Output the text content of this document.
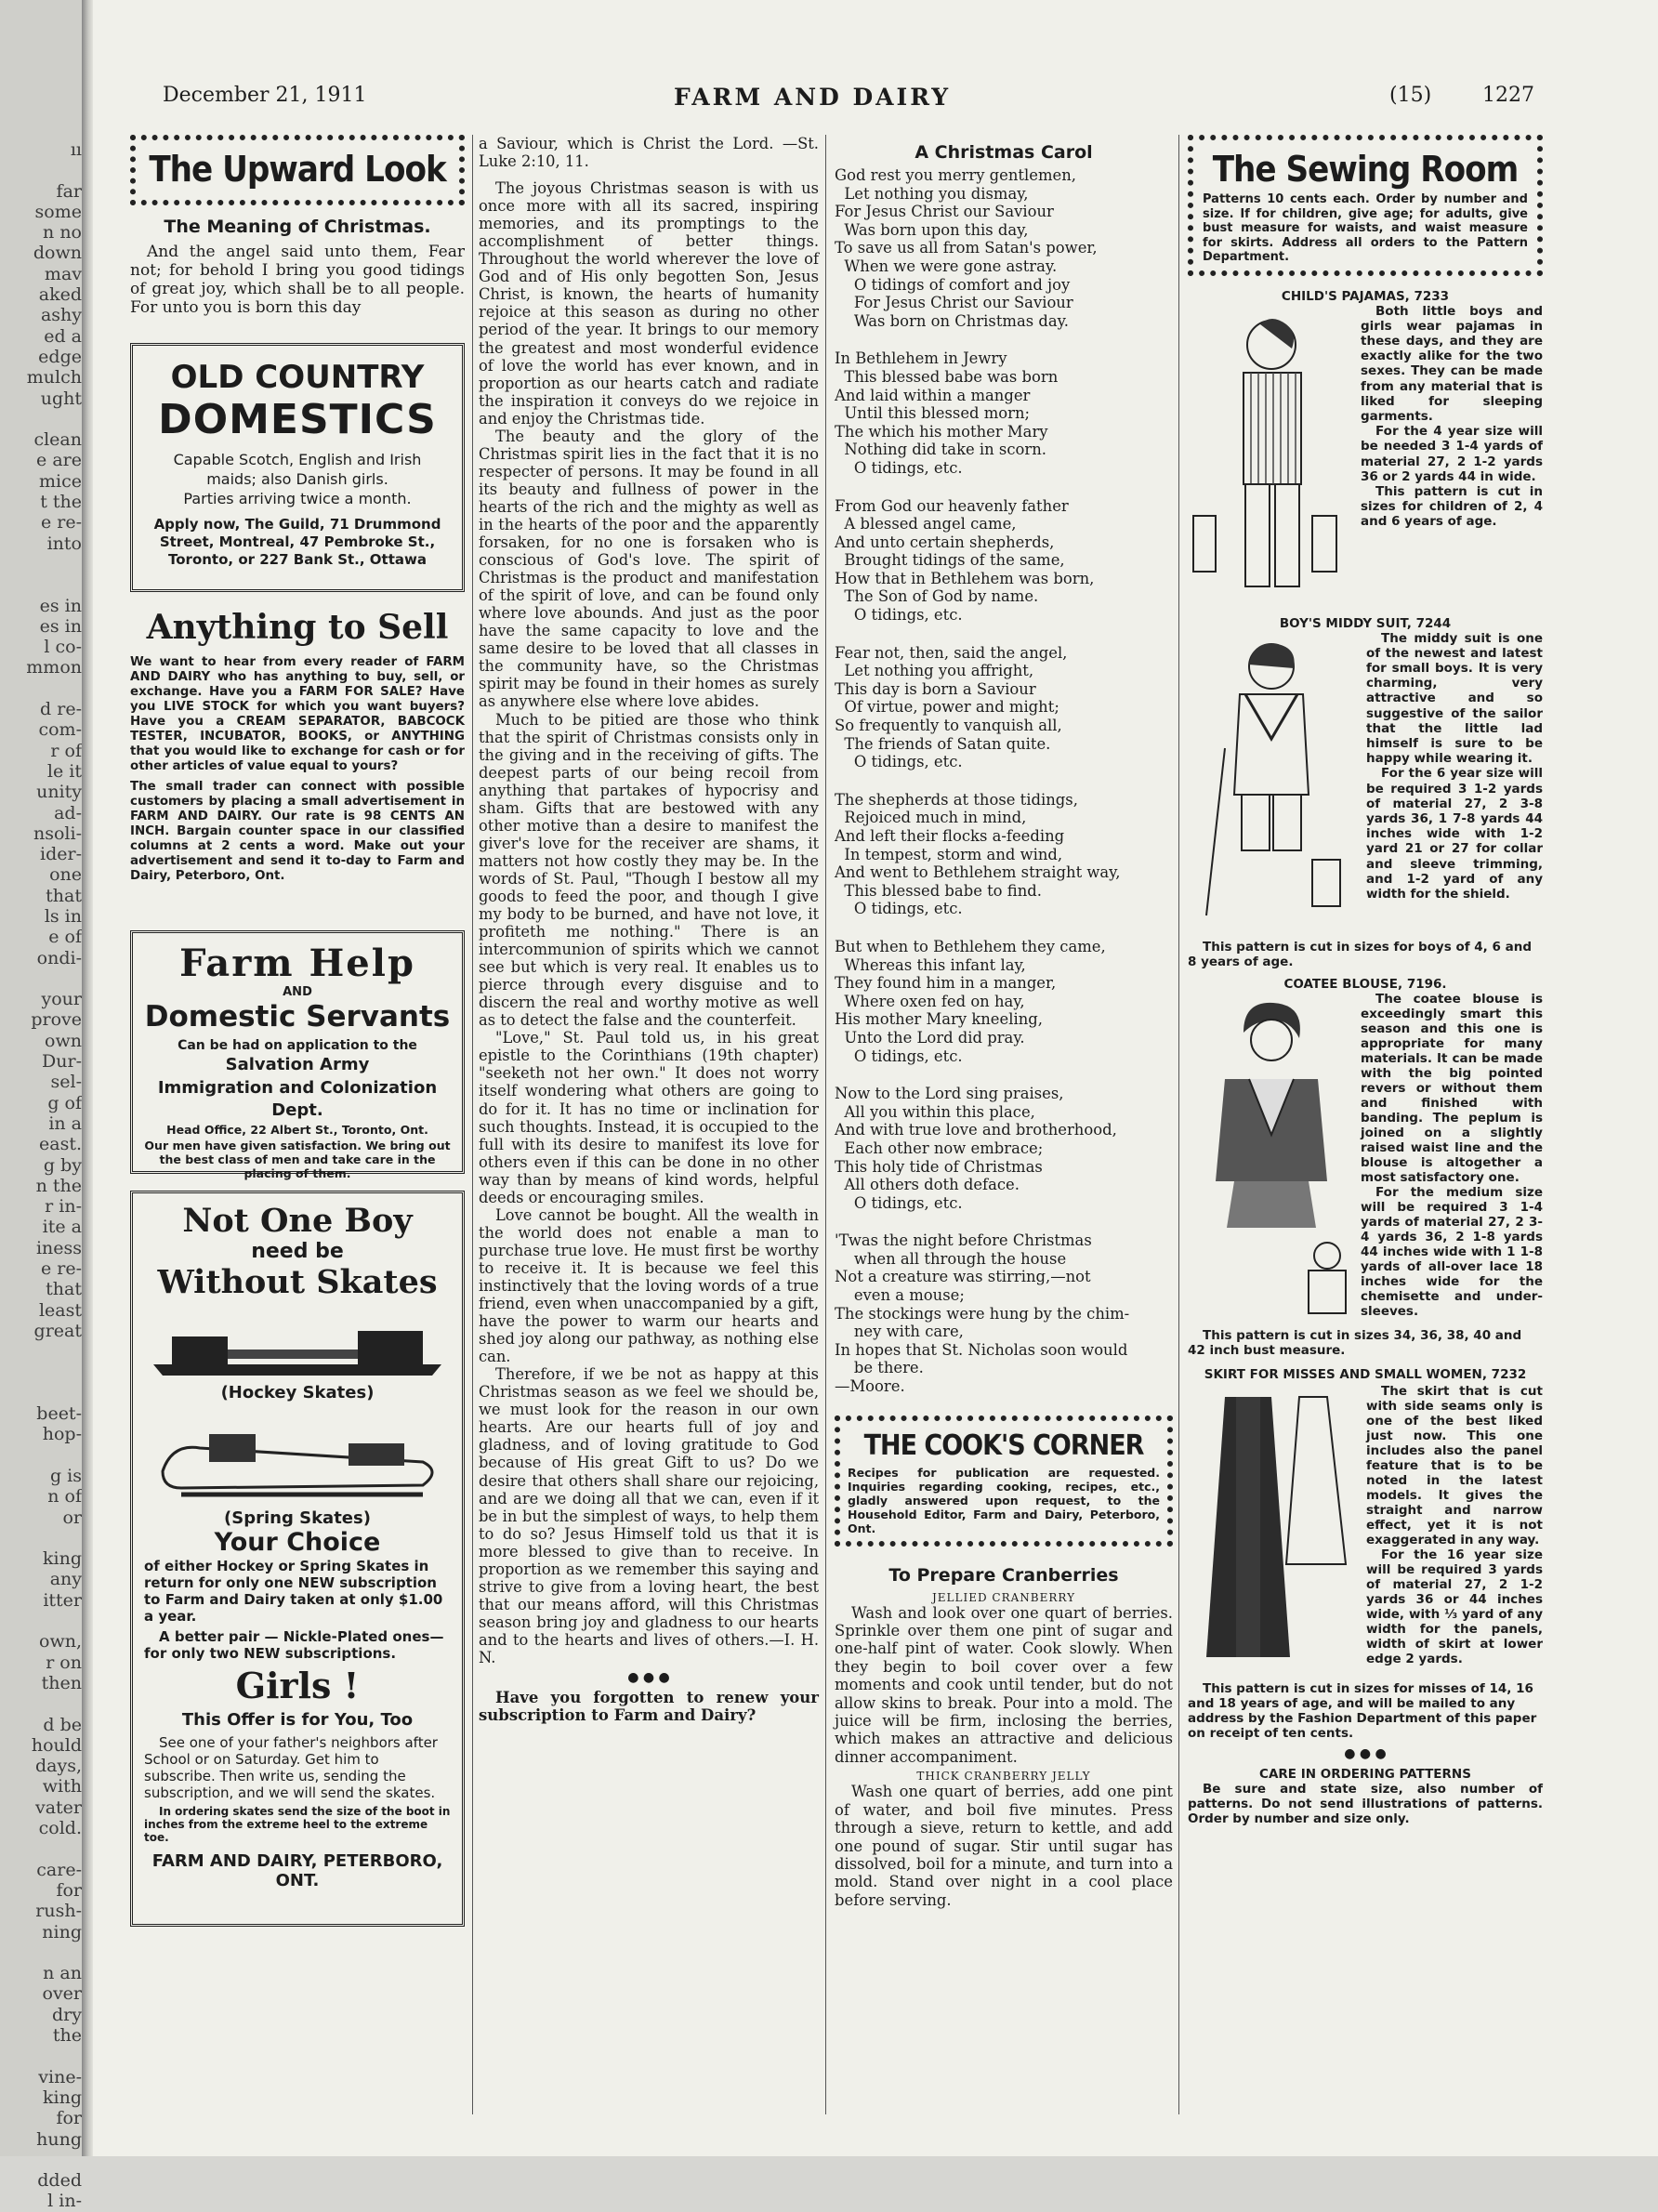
ıı

far
some
n no
down
mav
aked
ashy
ed a
edge
mulch
ught

clean
e are
mice
t the
e re-
into

es in
es in
l co-
mmon

d re-
com-
r of
le it
unity
ad-
nsoli-
ider-
one
that
ls in
e of
ondi-

your
prove
own
Dur-
sel-
g of
in a
east.
g by
n the
r in-
ite a
iness
e re-
that
least
great

beet-
hop-

g is
n of
or

king
any
itter

own,
r on
then

d be
hould
days,
with
vater
cold.

care-
for
rush-
ning

n an
over
dry
the

vine-
king
for
hung

dded
l in-
December 21, 1911	FARM AND DAIRY	(15) 1227
The Upward Look
The Meaning of Christmas.

And the angel said unto them, Fear not; for behold I bring you good tidings of great joy, which shall be to all people. For unto you is born this day

OLD COUNTRY
DOMESTICS
Capable Scotch, English and Irish maids; also Danish girls.
Parties arriving twice a month.
Apply now, The Guild, 71 Drummond Street, Montreal, 47 Pembroke St., Toronto, or 227 Bank St., Ottawa
Anything to Sell
We want to hear from every reader of FARM AND DAIRY who has anything to buy, sell, or exchange. Have you a FARM FOR SALE? Have you LIVE STOCK for which you want buyers? Have you a CREAM SEPARATOR, BABCOCK TESTER, INCUBATOR, BOOKS, or ANYTHING that you would like to exchange for cash or for other articles of value equal to yours?
The small trader can connect with possible customers by placing a small advertisement in FARM AND DAIRY. Our rate is 98 CENTS AN INCH. Bargain counter space in our classified columns at 2 cents a word. Make out your advertisement and send it to-day to Farm and Dairy, Peterboro, Ont.
Farm Help
AND
Domestic Servants
Can be had on application to the
Salvation Army
Immigration and Colonization Dept.
Head Office, 22 Albert St., Toronto, Ont.
Our men have given satisfaction. We bring out the best class of men and take care in the placing of them.
Not One Boy
need be
Without Skates
(Hockey Skates)
(Spring Skates)
Your Choice
of either Hockey or Spring Skates in return for only one NEW subscription to Farm and Dairy taken at only $1.00 a year.
A better pair — Nickle-Plated ones—for only two NEW subscriptions.
Girls !
This Offer is for You, Too
See one of your father's neighbors after School or on Saturday. Get him to subscribe. Then write us, sending the subscription, and we will send the skates.
In ordering skates send the size of the boot in inches from the extreme heel to the extreme toe.
FARM AND DAIRY, PETERBORO, ONT.

a Saviour, which is Christ the Lord. —St. Luke 2:10, 11.

The joyous Christmas season is with us once more with all its sacred, inspiring memories, and its promptings to the accomplishment of better things. Throughout the world wherever the love of God and of His only begotten Son, Jesus Christ, is known, the hearts of humanity rejoice at this season as during no other period of the year. It brings to our memory the greatest and most wonderful evidence of love the world has ever known, and in proportion as our hearts catch and radiate the inspiration it conveys do we rejoice in and enjoy the Christmas tide.

The beauty and the glory of the Christmas spirit lies in the fact that it is no respecter of persons. It may be found in all its beauty and fullness of power in the hearts of the rich and the mighty as well as in the hearts of the poor and the apparently forsaken, for no one is forsaken who is conscious of God's love. The spirit of Christmas is the product and manifestation of the spirit of love, and can be found only where love abounds. And just as the poor have the same capacity to love and the same desire to be loved that all classes in the community have, so the Christmas spirit may be found in their homes as surely as anywhere else where love abides.

Much to be pitied are those who think that the spirit of Christmas consists only in the giving and in the receiving of gifts. The deepest parts of our being recoil from anything that partakes of hypocrisy and sham. Gifts that are bestowed with any other motive than a desire to manifest the giver's love for the receiver are shams, it matters not how costly they may be. In the words of St. Paul, "Though I bestow all my goods to feed the poor, and though I give my body to be burned, and have not love, it profiteth me nothing." There is an intercommunion of spirits which we cannot see but which is very real. It enables us to pierce through every disguise and to discern the real and worthy motive as well as to detect the false and the counterfeit.

"Love," St. Paul told us, in his great epistle to the Corinthians (19th chapter) "seeketh not her own." It does not worry itself wondering what others are going to do for it. It has no time or inclination for such thoughts. Instead, it is occupied to the full with its desire to manifest its love for others even if this can be done in no other way than by means of kind words, helpful deeds or encouraging smiles.

Love cannot be bought. All the wealth in the world does not enable a man to purchase true love. He must first be worthy to receive it. It is because we feel this instinctively that the loving words of a true friend, even when unaccompanied by a gift, have the power to warm our hearts and shed joy along our pathway, as nothing else can.

Therefore, if we be not as happy at this Christmas season as we feel we should be, we must look for the reason in our own hearts. Are our hearts full of joy and gladness, and of loving gratitude to God because of His great Gift to us? Do we desire that others shall share our rejoicing, and are we doing all that we can, even if it be in but the simplest of ways, to help them to do so? Jesus Himself told us that it is more blessed to give than to receive. In proportion as we remember this saying and strive to give from a loving heart, the best that our means afford, will this Christmas season bring joy and gladness to our hearts and to the hearts and lives of others.—I. H. N.

● ● ●

Have you forgotten to renew your subscription to Farm and Dairy?

A Christmas Carol
God rest you merry gentlemen,
Let nothing you dismay,
For Jesus Christ our Saviour
Was born upon this day,
To save us all from Satan's power,
When we were gone astray.
O tidings of comfort and joy
For Jesus Christ our Saviour
Was born on Christmas day.
In Bethlehem in Jewry
This blessed babe was born
And laid within a manger
Until this blessed morn;
The which his mother Mary
Nothing did take in scorn.
O tidings, etc.
From God our heavenly father
A blessed angel came,
And unto certain shepherds,
Brought tidings of the same,
How that in Bethlehem was born,
The Son of God by name.
O tidings, etc.
Fear not, then, said the angel,
Let nothing you affright,
This day is born a Saviour
Of virtue, power and might;
So frequently to vanquish all,
The friends of Satan quite.
O tidings, etc.
The shepherds at those tidings,
Rejoiced much in mind,
And left their flocks a-feeding
In tempest, storm and wind,
And went to Bethlehem straight way,
This blessed babe to find.
O tidings, etc.
But when to Bethlehem they came,
Whereas this infant lay,
They found him in a manger,
Where oxen fed on hay,
His mother Mary kneeling,
Unto the Lord did pray.
O tidings, etc.
Now to the Lord sing praises,
All you within this place,
And with true love and brotherhood,
Each other now embrace;
This holy tide of Christmas
All others doth deface.
O tidings, etc.
'Twas the night before Christmas
when all through the house
Not a creature was stirring,—not
even a mouse;
The stockings were hung by the chim-
ney with care,
In hopes that St. Nicholas soon would
be there.
—Moore.
THE COOK'S CORNER
Recipes for publication are requested. Inquiries regarding cooking, recipes, etc., gladly answered upon request, to the Household Editor, Farm and Dairy, Peterboro, Ont.
To Prepare Cranberries
JELLIED CRANBERRY

Wash and look over one quart of berries. Sprinkle over them one pint of sugar and one-half pint of water. Cook slowly. When they begin to boil cover over a few moments and cook until tender, but do not allow skins to break. Pour into a mold. The juice will be firm, inclosing the berries, which makes an attractive and delicious dinner accompaniment.

THICK CRANBERRY JELLY

Wash one quart of berries, add one pint of water, and boil five minutes. Press through a sieve, return to kettle, and add one pound of sugar. Stir until sugar has dissolved, boil for a minute, and turn into a mold. Stand over night in a cool place before serving.

The Sewing Room
Patterns 10 cents each. Order by number and size. If for children, give age; for adults, give bust measure for waists, and waist measure for skirts. Address all orders to the Pattern Department.
CHILD'S PAJAMAS, 7233
Both little boys and girls wear pajamas in these days, and they are exactly alike for the two sexes. They can be made from any material that is liked for sleeping garments.
For the 4 year size will be needed 3 1-4 yards of material 27, 2 1-2 yards 36 or 2 yards 44 in wide.
This pattern is cut in sizes for children of 2, 4 and 6 years of age.
BOY'S MIDDY SUIT, 7244
The middy suit is one of the newest and latest for small boys. It is very charming, very attractive and so suggestive of the sailor that the little lad himself is sure to be happy while wearing it.
For the 6 year size will be required 3 1-2 yards of material 27, 2 3-8 yards 36, 1 7-8 yards 44 inches wide with 1-2 yard 21 or 27 for collar and sleeve trimming, and 1-2 yard of any width for the shield.
This pattern is cut in sizes for boys of 4, 6 and 8 years of age.
COATEE BLOUSE, 7196.
The coatee blouse is exceedingly smart this season and this one is appropriate for many materials. It can be made with the big pointed revers or without them and finished with banding. The peplum is joined on a slightly raised waist line and the blouse is altogether a most satisfactory one.
For the medium size will be required 3 1-4 yards of material 27, 2 3-4 yards 36, 2 1-8 yards 44 inches wide with 1 1-8 yards of all-over lace 18 inches wide for the chemisette and under-sleeves.
This pattern is cut in sizes 34, 36, 38, 40 and 42 inch bust measure.
SKIRT FOR MISSES AND SMALL WOMEN, 7232
The skirt that is cut with side seams only is one of the best liked just now. This one includes also the panel feature that is to be noted in the latest models. It gives the straight and narrow effect, yet it is not exaggerated in any way.
For the 16 year size will be required 3 yards of material 27, 2 1-2 yards 36 or 44 inches wide, with ⅓ yard of any width for the panels, width of skirt at lower edge 2 yards.
This pattern is cut in sizes for misses of 14, 16 and 18 years of age, and will be mailed to any address by the Fashion Department of this paper on receipt of ten cents.
● ● ●
CARE IN ORDERING PATTERNS
Be sure and state size, also number of patterns. Do not send illustrations of patterns. Order by number and size only.
